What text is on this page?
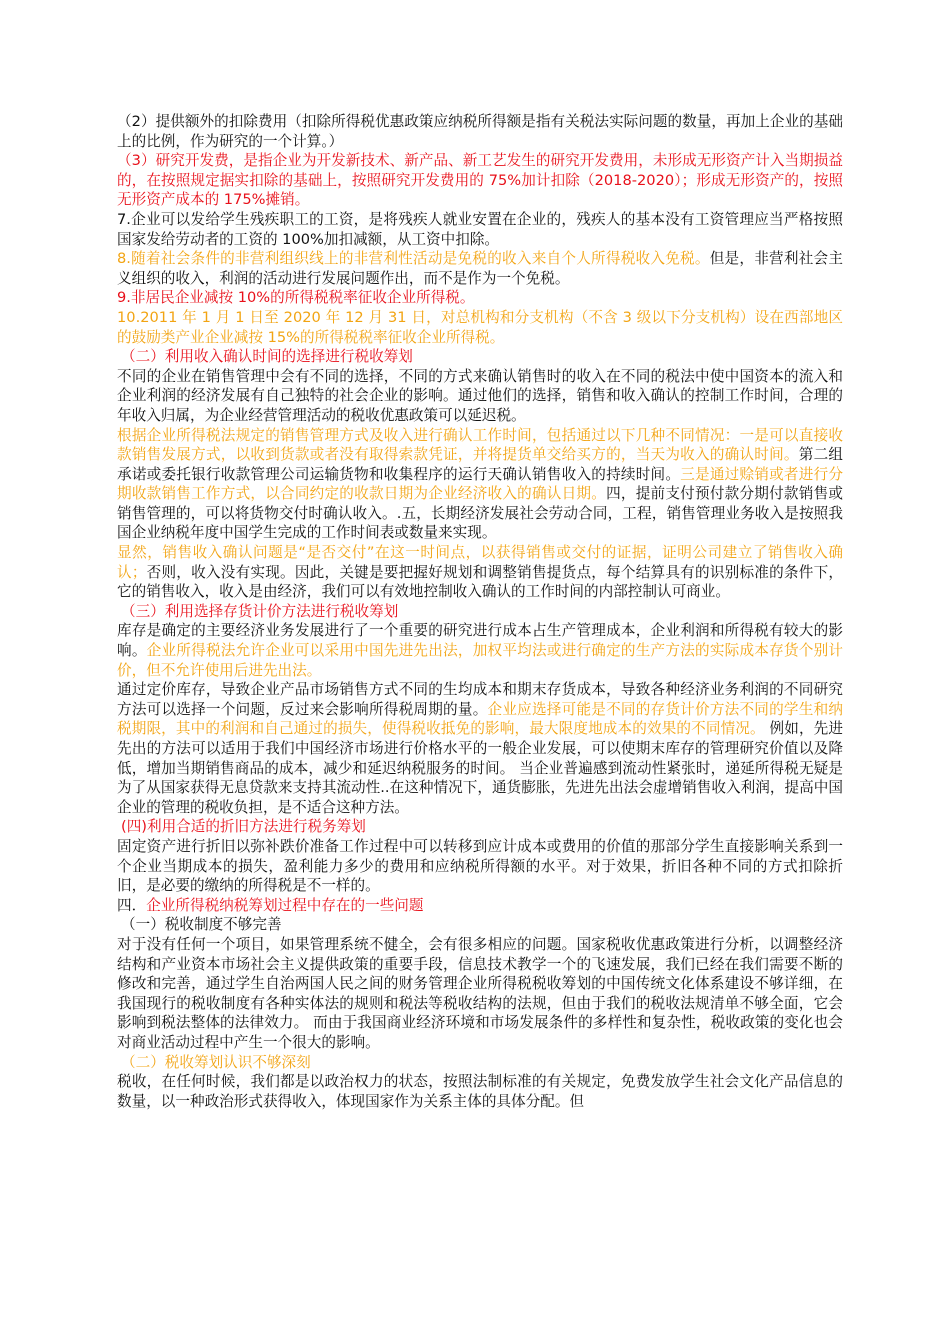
（2）提供额外的扣除费用（扣除所得税优惠政策应纳税所得额是指有关税法实际问题的数量，再加上企业的基础上的比例，作为研究的一个计算。）

（3）研究开发费，是指企业为开发新技术、新产品、新工艺发生的研究开发费用，未形成无形资产计入当期损益的，在按照规定据实扣除的基础上，按照研究开发费用的 75%加计扣除（2018-2020）；形成无形资产的，按照无形资产成本的 175%摊销。

7.企业可以发给学生残疾职工的工资，是将残疾人就业安置在企业的，残疾人的基本没有工资管理应当严格按照国家发给劳动者的工资的 100%加扣减额，从工资中扣除。

8.随着社会条件的非营利组织线上的非营利性活动是免税的收入来自个人所得税收入免税。但是，非营利社会主义组织的收入，利润的活动进行发展问题作出，而不是作为一个免税。

9.非居民企业减按 10%的所得税税率征收企业所得税。

10.2011 年 1 月 1 日至 2020 年 12 月 31 日，对总机构和分支机构（不含 3 级以下分支机构）设在西部地区的鼓励类产业企业减按 15%的所得税税率征收企业所得税。

（二）利用收入确认时间的选择进行税收筹划

不同的企业在销售管理中会有不同的选择，不同的方式来确认销售时的收入在不同的税法中使中国资本的流入和企业利润的经济发展有自己独特的社会企业的影响。通过他们的选择，销售和收入确认的控制工作时间，合理的年收入归属，为企业经营管理活动的税收优惠政策可以延迟税。

根据企业所得税法规定的销售管理方式及收入进行确认工作时间，包括通过以下几种不同情况：一是可以直接收款销售发展方式，以收到货款或者没有取得索款凭证，并将提货单交给买方的，当天为收入的确认时间。第二组承诺或委托银行收款管理公司运输货物和收集程序的运行天确认销售收入的持续时间。三是通过赊销或者进行分期收款销售工作方式，以合同约定的收款日期为企业经济收入的确认日期。四，提前支付预付款分期付款销售或销售管理的，可以将货物交付时确认收入。.五，长期经济发展社会劳动合同，工程，销售管理业务收入是按照我国企业纳税年度中国学生完成的工作时间表或数量来实现。

显然，销售收入确认问题是“是否交付”在这一时间点，以获得销售或交付的证据，证明公司建立了销售收入确认；否则，收入没有实现。因此，关键是要把握好规划和调整销售提货点，每个结算具有的识别标准的条件下，它的销售收入，收入是由经济，我们可以有效地控制收入确认的工作时间的内部控制认可商业。

（三）利用选择存货计价方法进行税收筹划

库存是确定的主要经济业务发展进行了一个重要的研究进行成本占生产管理成本，企业利润和所得税有较大的影响。企业所得税法允许企业可以采用中国先进先出法，加权平均法或进行确定的生产方法的实际成本存货个别计价，但不允许使用后进先出法。

通过定价库存，导致企业产品市场销售方式不同的生均成本和期末存货成本，导致各种经济业务利润的不同研究方法可以选择一个问题，反过来会影响所得税周期的量。企业应选择可能是不同的存货计价方法不同的学生和纳税期限，其中的利润和自己通过的损失，使得税收抵免的影响，最大限度地成本的效果的不同情况。 例如，先进先出的方法可以适用于我们中国经济市场进行价格水平的一般企业发展，可以使期末库存的管理研究价值以及降低，增加当期销售商品的成本，减少和延迟纳税服务的时间。 当企业普遍感到流动性紧张时，递延所得税无疑是为了从国家获得无息贷款来支持其流动性..在这种情况下，通货膨胀，先进先出法会虚增销售收入利润，提高中国企业的管理的税收负担，是不适合这种方法。

(四)利用合适的折旧方法进行税务筹划

固定资产进行折旧以弥补跌价准备工作过程中可以转移到应计成本或费用的价值的那部分学生直接影响关系到一个企业当期成本的损失，盈利能力多少的费用和应纳税所得额的水平。对于效果，折旧各种不同的方式扣除折旧，是必要的缴纳的所得税是不一样的。

四．企业所得税纳税筹划过程中存在的一些问题

（一）税收制度不够完善

对于没有任何一个项目，如果管理系统不健全，会有很多相应的问题。国家税收优惠政策进行分析，以调整经济结构和产业资本市场社会主义提供政策的重要手段，信息技术教学一个的飞速发展，我们已经在我们需要不断的修改和完善，通过学生自治两国人民之间的财务管理企业所得税税收筹划的中国传统文化体系建设不够详细，在我国现行的税收制度有各种实体法的规则和税法等税收结构的法规，但由于我们的税收法规清单不够全面，它会影响到税法整体的法律效力。 而由于我国商业经济环境和市场发展条件的多样性和复杂性，税收政策的变化也会对商业活动过程中产生一个很大的影响。

（二）税收筹划认识不够深刻

税收，在任何时候，我们都是以政治权力的状态，按照法制标准的有关规定，免费发放学生社会文化产品信息的数量，以一种政治形式获得收入，体现国家作为关系主体的具体分配。但
